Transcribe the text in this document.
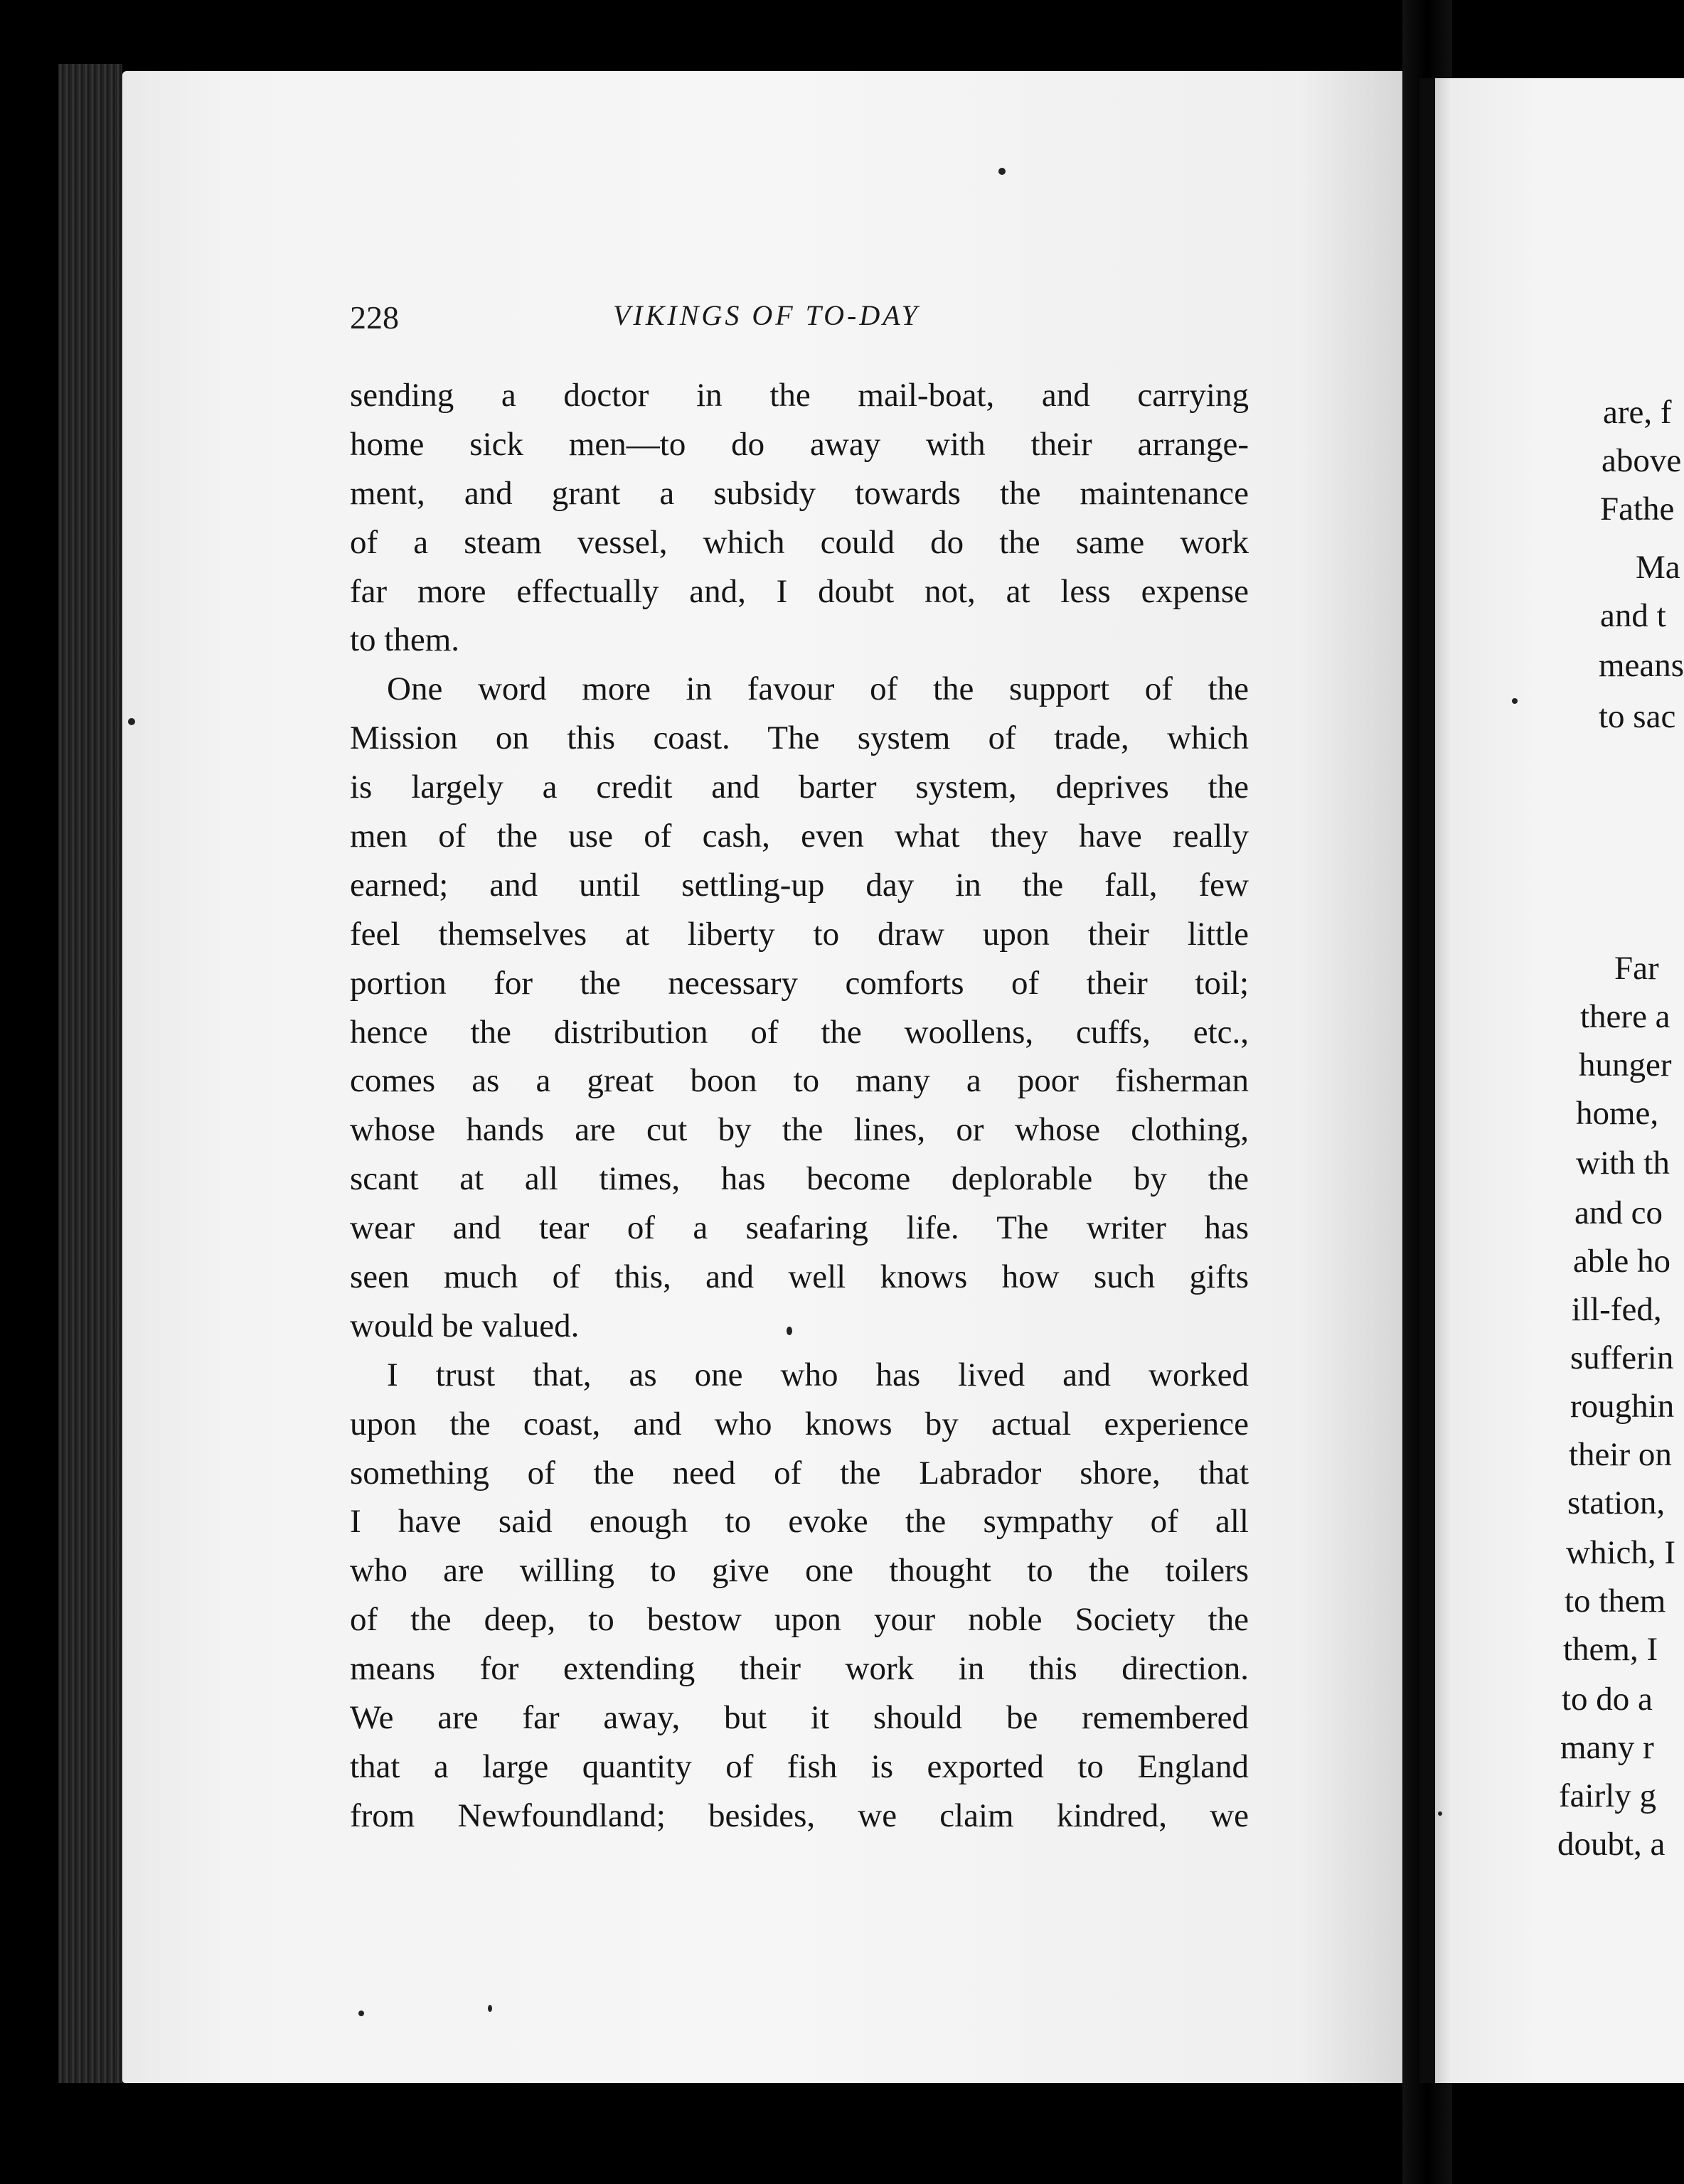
228	VIKINGS OF TO-DAY
sending a doctor in the mail-boat, and carrying
home sick men—to do away with their arrange-
ment, and grant a subsidy towards the maintenance
of a steam vessel, which could do the same work
far more effectually and, I doubt not, at less expense
to them.
One word more in favour of the support of the
Mission on this coast. The system of trade, which
is largely a credit and barter system, deprives the
men of the use of cash, even what they have really
earned; and until settling-up day in the fall, few
feel themselves at liberty to draw upon their little
portion for the necessary comforts of their toil;
hence the distribution of the woollens, cuffs, etc.,
comes as a great boon to many a poor fisherman
whose hands are cut by the lines, or whose clothing,
scant at all times, has become deplorable by the
wear and tear of a seafaring life. The writer has
seen much of this, and well knows how such gifts
would be valued.
I trust that, as one who has lived and worked
upon the coast, and who knows by actual experience
something of the need of the Labrador shore, that
I have said enough to evoke the sympathy of all
who are willing to give one thought to the toilers
of the deep, to bestow upon your noble Society the
means for extending their work in this direction.
We are far away, but it should be remembered
that a large quantity of fish is exported to England
from Newfoundland; besides, we claim kindred, we
are, f
above
Fathe
Ma
and t
means
to sac
Far
there a
hunger
home,
with th
and co
able ho
ill-fed,
sufferin
roughin
their on
station,
which, I
to them
them, I
to do a
many r
fairly g
doubt, a
